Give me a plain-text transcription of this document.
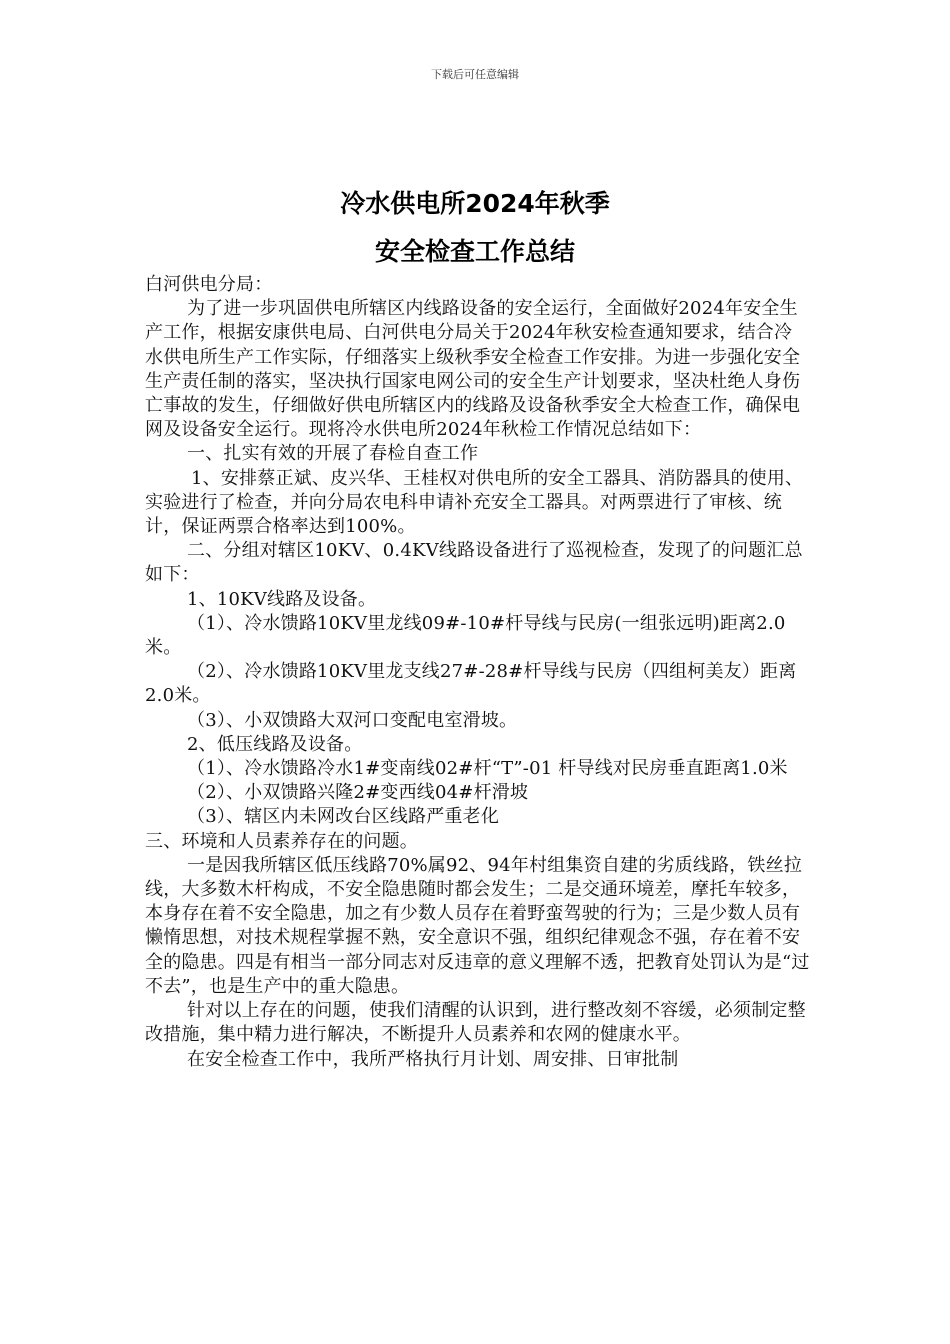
下载后可任意编辑
冷水供电所2024年秋季
安全检查工作总结

白河供电分局：

为了进一步巩固供电所辖区内线路设备的安全运行，全面做好2024年安全生产工作，根据安康供电局、白河供电分局关于2024年秋安检查通知要求，结合冷水供电所生产工作实际，仔细落实上级秋季安全检查工作安排。为进一步强化安全生产责任制的落实，坚决执行国家电网公司的安全生产计划要求，坚决杜绝人身伤亡事故的发生，仔细做好供电所辖区内的线路及设备秋季安全大检查工作，确保电网及设备安全运行。现将冷水供电所2024年秋检工作情况总结如下：

一、扎实有效的开展了春检自查工作

1、安排蔡正斌、皮兴华、王桂权对供电所的安全工器具、消防器具的使用、实验进行了检查，并向分局农电科申请补充安全工器具。对两票进行了审核、统计，保证两票合格率达到100%。

二、分组对辖区10KV、0.4KV线路设备进行了巡视检查，发现了的问题汇总如下：

1、10KV线路及设备。

（1）、冷水馈路10KV里龙线09#-10#杆导线与民房(一组张远明)距离2.0米。

（2）、冷水馈路10KV里龙支线27#-28#杆导线与民房（四组柯美友）距离2.0米。

（3）、小双馈路大双河口变配电室滑坡。

2、低压线路及设备。

（1）、冷水馈路冷水1#变南线02#杆“T”-01 杆导线对民房垂直距离1.0米

（2）、小双馈路兴隆2#变西线04#杆滑坡

（3）、辖区内未网改台区线路严重老化

三、环境和人员素养存在的问题。

一是因我所辖区低压线路70%属92、94年村组集资自建的劣质线路，铁丝拉线，大多数木杆构成，不安全隐患随时都会发生；二是交通环境差，摩托车较多，本身存在着不安全隐患，加之有少数人员存在着野蛮驾驶的行为；三是少数人员有懒惰思想，对技术规程掌握不熟，安全意识不强，组织纪律观念不强，存在着不安全的隐患。四是有相当一部分同志对反违章的意义理解不透，把教育处罚认为是“过不去”，也是生产中的重大隐患。

针对以上存在的问题，使我们清醒的认识到，进行整改刻不容缓，必须制定整改措施，集中精力进行解决，不断提升人员素养和农网的健康水平。

在安全检查工作中，我所严格执行月计划、周安排、日审批制
